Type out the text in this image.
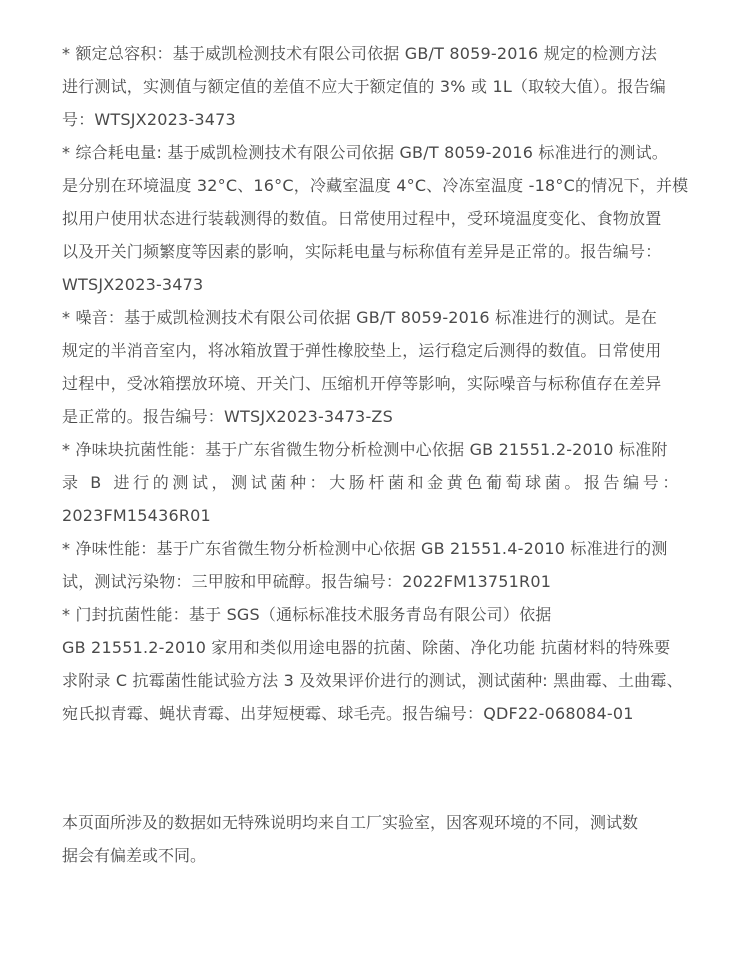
* 额定总容积：基于威凯检测技术有限公司依据 GB/T 8059-2016 规定的检测方法
进行测试，实测值与额定值的差值不应大于额定值的 3% 或 1L（取较大值）。报告编
号：WTSJX2023-3473

* 综合耗电量: 基于威凯检测技术有限公司依据 GB/T 8059-2016 标准进行的测试。
是分别在环境温度 32°C、16°C，冷藏室温度 4°C、冷冻室温度 -18°C的情况下，并模
拟用户使用状态进行装载测得的数值。日常使用过程中，受环境温度变化、食物放置
以及开关门频繁度等因素的影响，实际耗电量与标称值有差异是正常的。报告编号：
WTSJX2023-3473

* 噪音：基于威凯检测技术有限公司依据 GB/T 8059-2016 标准进行的测试。是在
规定的半消音室内，将冰箱放置于弹性橡胶垫上，运行稳定后测得的数值。日常使用
过程中，受冰箱摆放环境、开关门、压缩机开停等影响，实际噪音与标称值存在差异
是正常的。报告编号：WTSJX2023-3473-ZS

* 净味块抗菌性能：基于广东省微生物分析检测中心依据 GB 21551.2-2010 标准附
录 B 进行的测试，测试菌种：大肠杆菌和金黄色葡萄球菌。报告编号：
2023FM15436R01

* 净味性能：基于广东省微生物分析检测中心依据 GB 21551.4-2010 标准进行的测
试，测试污染物：三甲胺和甲硫醇。报告编号：2022FM13751R01

* 门封抗菌性能：基于 SGS（通标标准技术服务青岛有限公司）依据
GB 21551.2-2010 家用和类似用途电器的抗菌、除菌、净化功能 抗菌材料的特殊要
求附录 C 抗霉菌性能试验方法 3 及效果评价进行的测试，测试菌种: 黑曲霉、土曲霉、
宛氏拟青霉、蝇状青霉、出芽短梗霉、球毛壳。报告编号：QDF22-068084-01

本页面所涉及的数据如无特殊说明均来自工厂实验室，因客观环境的不同，测试数
据会有偏差或不同。
